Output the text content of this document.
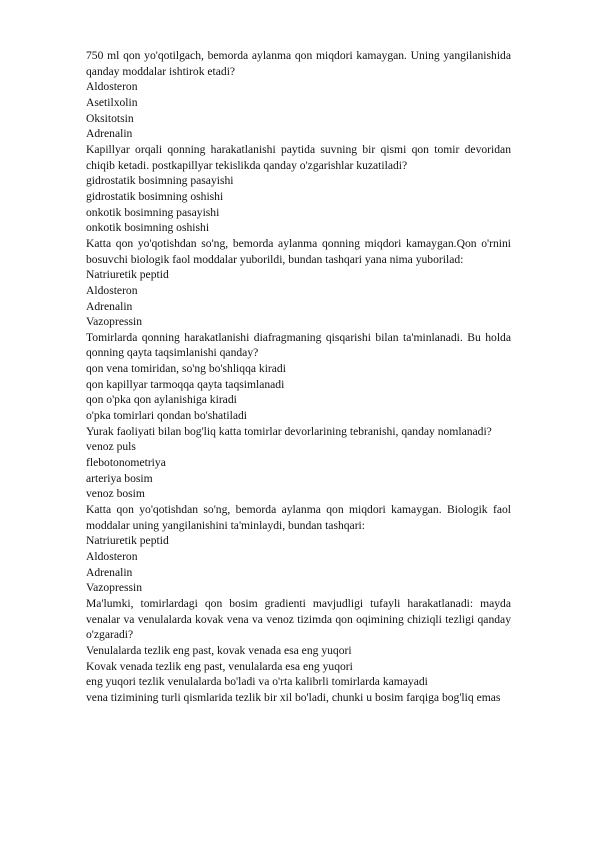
750 ml qon yo'qotilgach, bemorda aylanma qon miqdori kamaygan. Uning yangilanishida qanday moddalar ishtirok etadi?

Aldosteron

Asetilxolin

Oksitotsin

Adrenalin

Kapillyar orqali qonning harakatlanishi paytida suvning bir qismi qon tomir devoridan chiqib ketadi. postkapillyar tekislikda qanday o'zgarishlar kuzatiladi?

gidrostatik bosimning pasayishi

gidrostatik bosimning oshishi

onkotik bosimning pasayishi

onkotik bosimning oshishi

Katta qon yo'qotishdan so'ng, bemorda aylanma qonning miqdori kamaygan.Qon o'rnini bosuvchi biologik faol moddalar yuborildi, bundan tashqari yana nima yuborilad:

Natriuretik peptid

Aldosteron

Adrenalin

Vazopressin

Tomirlarda qonning harakatlanishi diafragmaning qisqarishi bilan ta'minlanadi. Bu holda qonning qayta taqsimlanishi qanday?

qon vena tomiridan, so'ng bo'shliqqa kiradi

qon kapillyar tarmoqqa qayta taqsimlanadi

qon o'pka qon aylanishiga kiradi

o'pka tomirlari qondan bo'shatiladi

Yurak faoliyati bilan bog'liq katta tomirlar devorlarining tebranishi, qanday nomlanadi?

venoz puls

flebotonometriya

arteriya bosim

venoz bosim

Katta qon yo'qotishdan so'ng, bemorda aylanma qon miqdori kamaygan. Biologik faol moddalar uning yangilanishini ta'minlaydi, bundan tashqari:

Natriuretik peptid

Aldosteron

Adrenalin

Vazopressin

Ma'lumki, tomirlardagi qon bosim gradienti mavjudligi tufayli harakatlanadi: mayda venalar va venulalarda kovak vena va venoz tizimda qon oqimining chiziqli tezligi qanday o'zgaradi?

Venulalarda tezlik eng past, kovak venada esa eng yuqori

Kovak venada tezlik eng past, venulalarda esa eng yuqori

eng yuqori tezlik venulalarda bo'ladi va o'rta kalibrli tomirlarda kamayadi

vena tizimining turli qismlarida tezlik bir xil bo'ladi, chunki u bosim farqiga bog'liq emas
